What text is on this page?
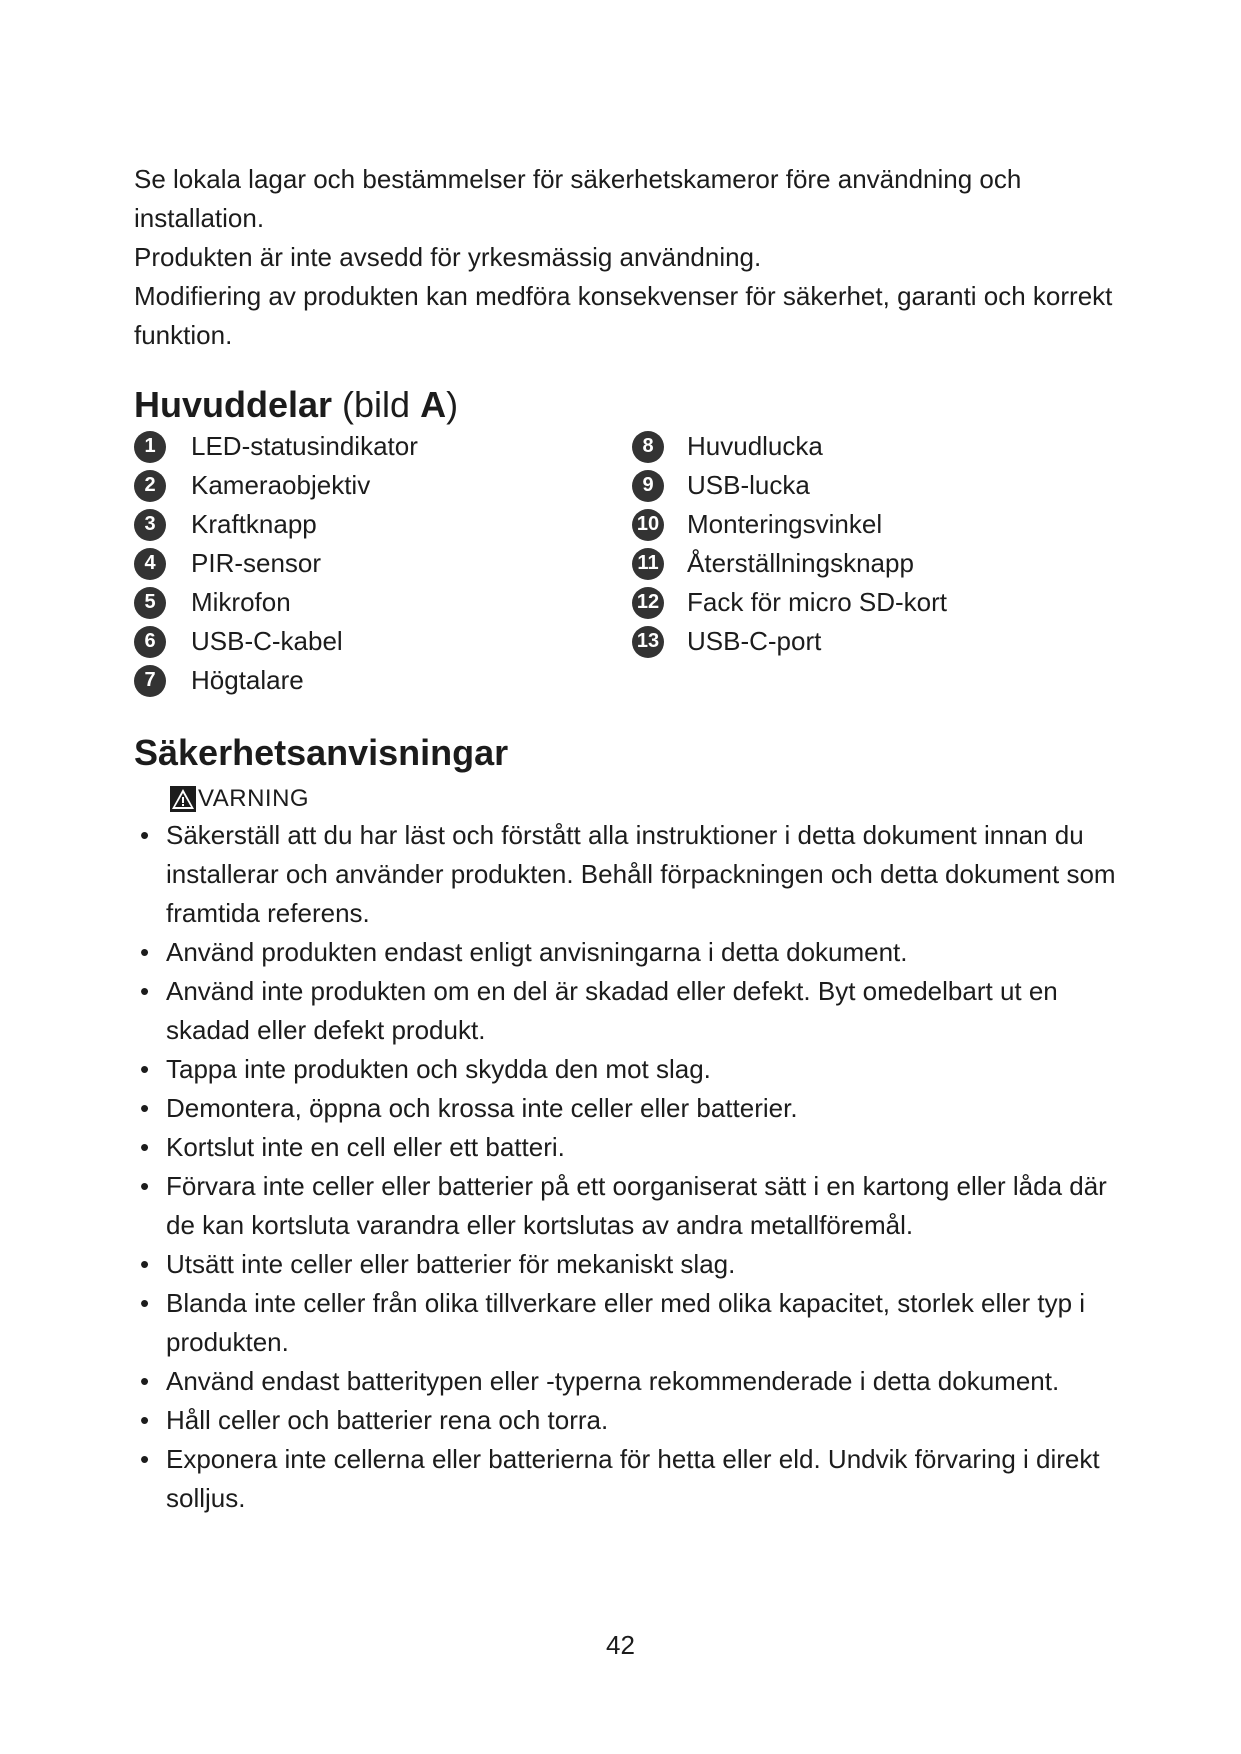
Se lokala lagar och bestämmelser för säkerhetskameror före användning och installation.

Produkten är inte avsedd för yrkesmässig användning.

Modifiering av produkten kan medföra konsekvenser för säkerhet, garanti och korrekt funktion.

Huvuddelar (bild A)
1	LED-statusindikator
2	Kameraobjektiv
3	Kraftknapp
4	PIR-sensor
5	Mikrofon
6	USB-C-kabel
7	Högtalare
8	Huvudlucka
9	USB-lucka
10 Monteringsvinkel
11 Återställningsknapp
12 Fack för micro SD-kort
13 USB-C-port
Säkerhetsanvisningar
VARNING
• Säkerställ att du har läst och förstått alla instruktioner i detta dokument innan du installerar och använder produkten. Behåll förpackningen och detta dokument som framtida referens.
• Använd produkten endast enligt anvisningarna i detta dokument.
• Använd inte produkten om en del är skadad eller defekt. Byt omedelbart ut en skadad eller defekt produkt.
• Tappa inte produkten och skydda den mot slag.
• Demontera, öppna och krossa inte celler eller batterier.
• Kortslut inte en cell eller ett batteri.
• Förvara inte celler eller batterier på ett oorganiserat sätt i en kartong eller låda där de kan kortsluta varandra eller kortslutas av andra metallföremål.
• Utsätt inte celler eller batterier för mekaniskt slag.
• Blanda inte celler från olika tillverkare eller med olika kapacitet, storlek eller typ i produkten.
• Använd endast batteritypen eller -typerna rekommenderade i detta dokument.
• Håll celler och batterier rena och torra.
• Exponera inte cellerna eller batterierna för hetta eller eld. Undvik förvaring i direkt solljus.
42
